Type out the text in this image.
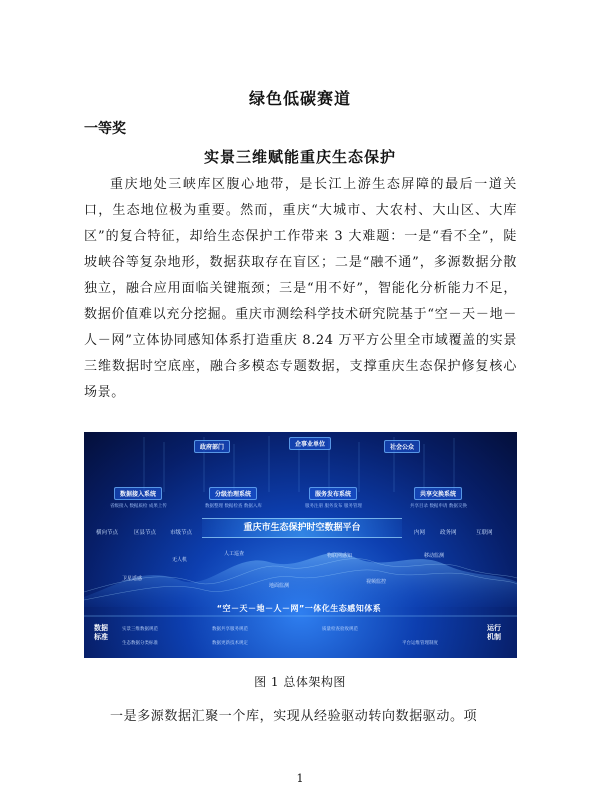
绿色低碳赛道
一等奖
实景三维赋能重庆生态保护

重庆地处三峡库区腹心地带，是长江上游生态屏障的最后一道关口，生态地位极为重要。然而，重庆“大城市、大农村、大山区、大库区”的复合特征，却给生态保护工作带来 3 大难题：一是“看不全”，陡坡峡谷等复杂地形，数据获取存在盲区；二是“融不通”，多源数据分散独立，融合应用面临关键瓶颈；三是“用不好”，智能化分析能力不足，数据价值难以充分挖掘。重庆市测绘科学技术研究院基于“空－天－地－人－网”立体协同感知体系打造重庆 8.24 万平方公里全市域覆盖的实景三维数据时空底座，融合多模态专题数据，支撑重庆生态保护修复核心场景。

政府部门	企事业单位	社会公众
数据接入系统	分级治理系统	服务发布系统	共享交换系统
省级接入 数据质检 成果上传	数据整理 数据检查 数据入库	服务注册 服务发布 服务管理	共享目录 数据申请 数据交换
重庆市生态保护时空数据平台
横向节点	区县节点	市级节点	内网	政务网	互联网
卫星遥感
无人机
人工巡查	物联网感知	移动监测
地面监测
视频监控
“空－天－地－人－网”一体化生态感知体系
数据标准
运行机制
实景三维数据规范
生态数据分类标准
数据共享服务规范
数据更新技术规定
质量检查验收规范
平台运维管理制度
图 1 总体架构图
一是多源数据汇聚一个库，实现从经验驱动转向数据驱动。项
1
